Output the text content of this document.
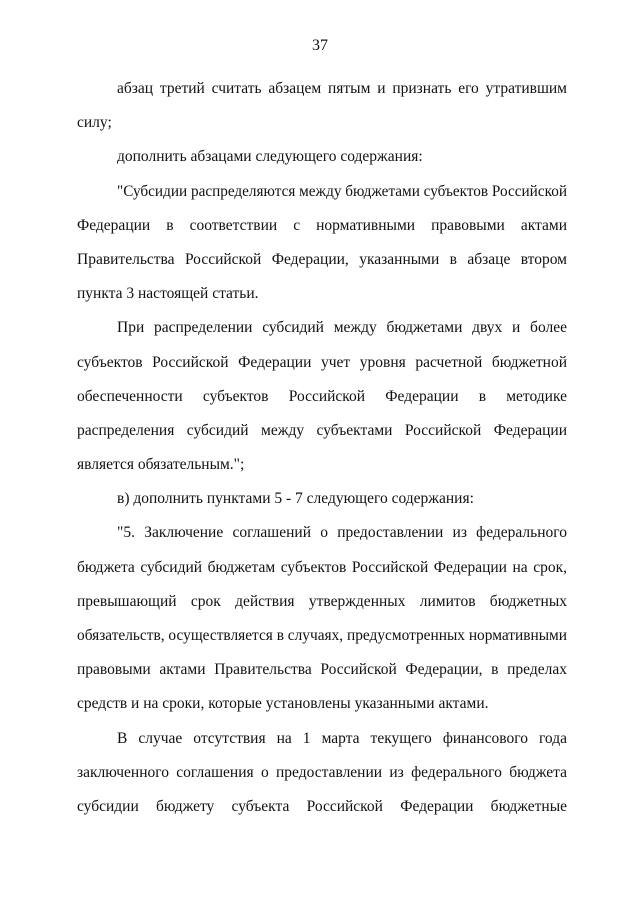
37
абзац третий считать абзацем пятым и признать его утратившим
силу;
дополнить абзацами следующего содержания:
"Субсидии распределяются между бюджетами субъектов Российской
Федерации в соответствии с нормативными правовыми актами
Правительства Российской Федерации, указанными в абзаце втором
пункта 3 настоящей статьи.
При распределении субсидий между бюджетами двух и более
субъектов Российской Федерации учет уровня расчетной бюджетной
обеспеченности субъектов Российской Федерации в методике
распределения субсидий между субъектами Российской Федерации
является обязательным.";
в) дополнить пунктами 5 - 7 следующего содержания:
"5. Заключение соглашений о предоставлении из федерального
бюджета субсидий бюджетам субъектов Российской Федерации на срок,
превышающий срок действия утвержденных лимитов бюджетных
обязательств, осуществляется в случаях, предусмотренных нормативными
правовыми актами Правительства Российской Федерации, в пределах
средств и на сроки, которые установлены указанными актами.
В случае отсутствия на 1 марта текущего финансового года
заключенного соглашения о предоставлении из федерального бюджета
субсидии бюджету субъекта Российской Федерации бюджетные
